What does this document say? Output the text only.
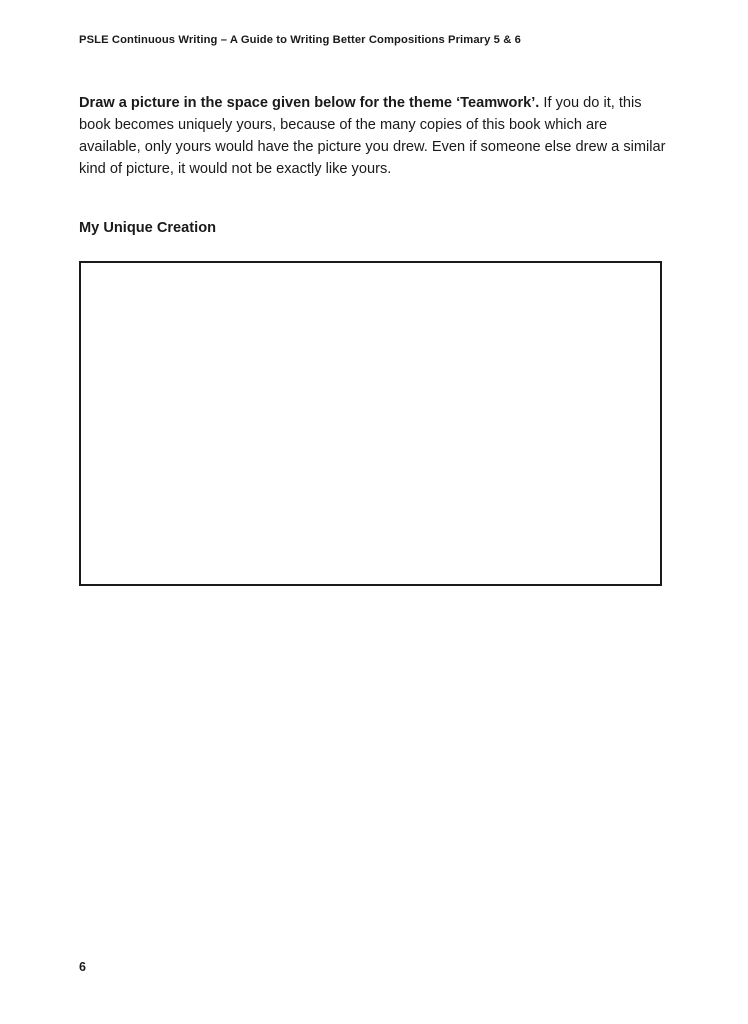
PSLE Continuous Writing – A Guide to Writing Better Compositions Primary 5 & 6
Draw a picture in the space given below for the theme ‘Teamwork’. If you do it, this book becomes uniquely yours, because of the many copies of this book which are available, only yours would have the picture you drew. Even if someone else drew a similar kind of picture, it would not be exactly like yours.
My Unique Creation
6
